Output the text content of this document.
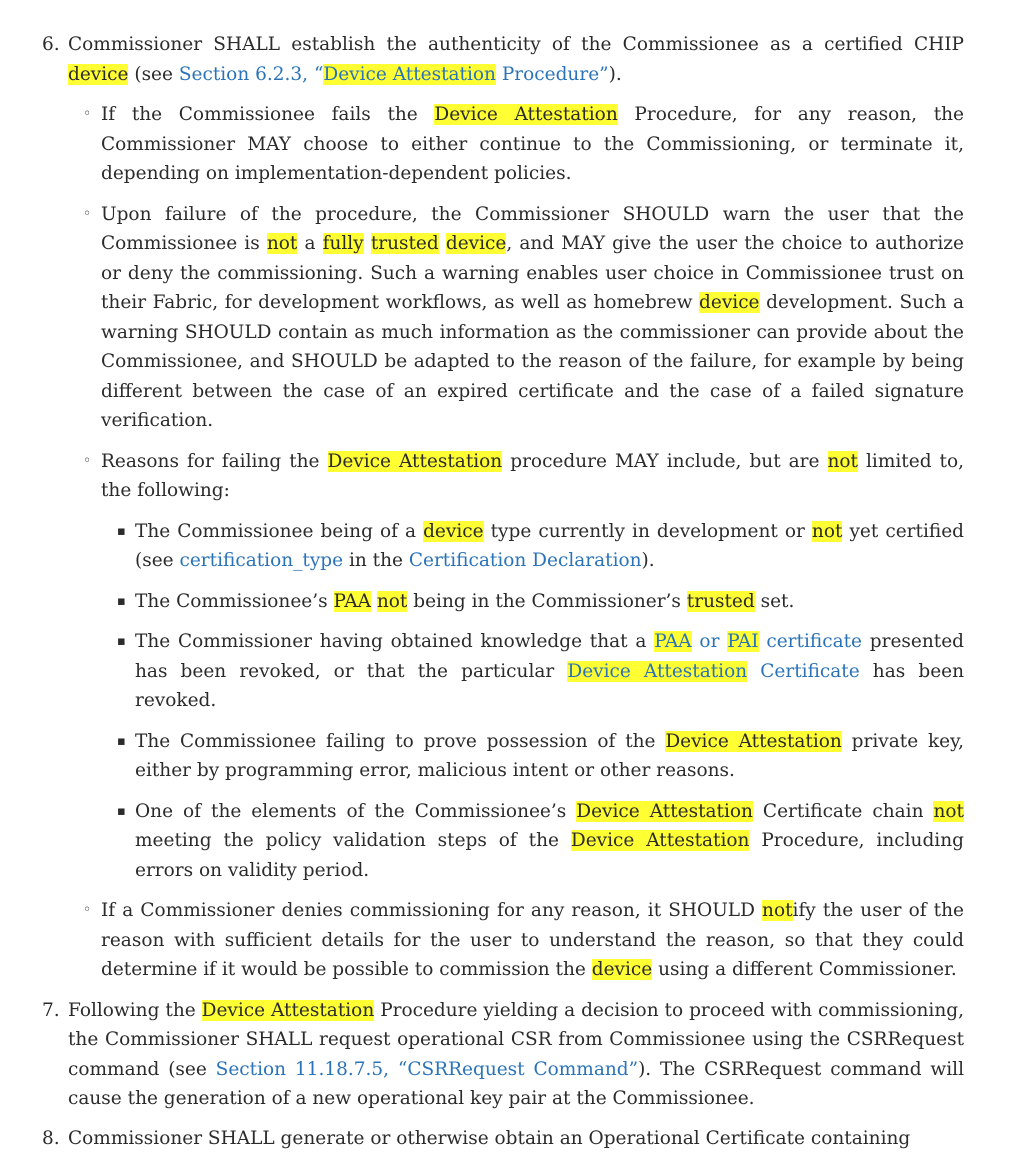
6. Commissioner SHALL establish the authenticity of the Commissionee as a certified CHIP device (see Section 6.2.3, “Device Attestation Procedure”).
◦ If the Commissionee fails the Device Attestation Procedure, for any reason, the Commissioner MAY choose to either continue to the Commissioning, or terminate it, depending on implementation-dependent policies.
◦ Upon failure of the procedure, the Commissioner SHOULD warn the user that the Commissionee is not a fully trusted device, and MAY give the user the choice to authorize or deny the commissioning. Such a warning enables user choice in Commissionee trust on their Fabric, for development workflows, as well as homebrew device development. Such a warning SHOULD contain as much information as the commissioner can provide about the Commissionee, and SHOULD be adapted to the reason of the failure, for example by being different between the case of an expired certificate and the case of a failed signature verification.
◦ Reasons for failing the Device Attestation procedure MAY include, but are not limited to, the following:
▪ The Commissionee being of a device type currently in development or not yet certified (see certification_type in the Certification Declaration).
▪ The Commissionee’s PAA not being in the Commissioner’s trusted set.
▪ The Commissioner having obtained knowledge that a PAA or PAI certificate presented has been revoked, or that the particular Device Attestation Certificate has been revoked.
▪ The Commissionee failing to prove possession of the Device Attestation private key, either by programming error, malicious intent or other reasons.
▪ One of the elements of the Commissionee’s Device Attestation Certificate chain not meeting the policy validation steps of the Device Attestation Procedure, including errors on validity period.
◦ If a Commissioner denies commissioning for any reason, it SHOULD notify the user of the reason with sufficient details for the user to understand the reason, so that they could determine if it would be possible to commission the device using a different Commissioner.
7. Following the Device Attestation Procedure yielding a decision to proceed with commissioning, the Commissioner SHALL request operational CSR from Commissionee using the CSRRequest command (see Section 11.18.7.5, “CSRRequest Command”). The CSRRequest command will cause the generation of a new operational key pair at the Commissionee.
8. Commissioner SHALL generate or otherwise obtain an Operational Certificate containing
